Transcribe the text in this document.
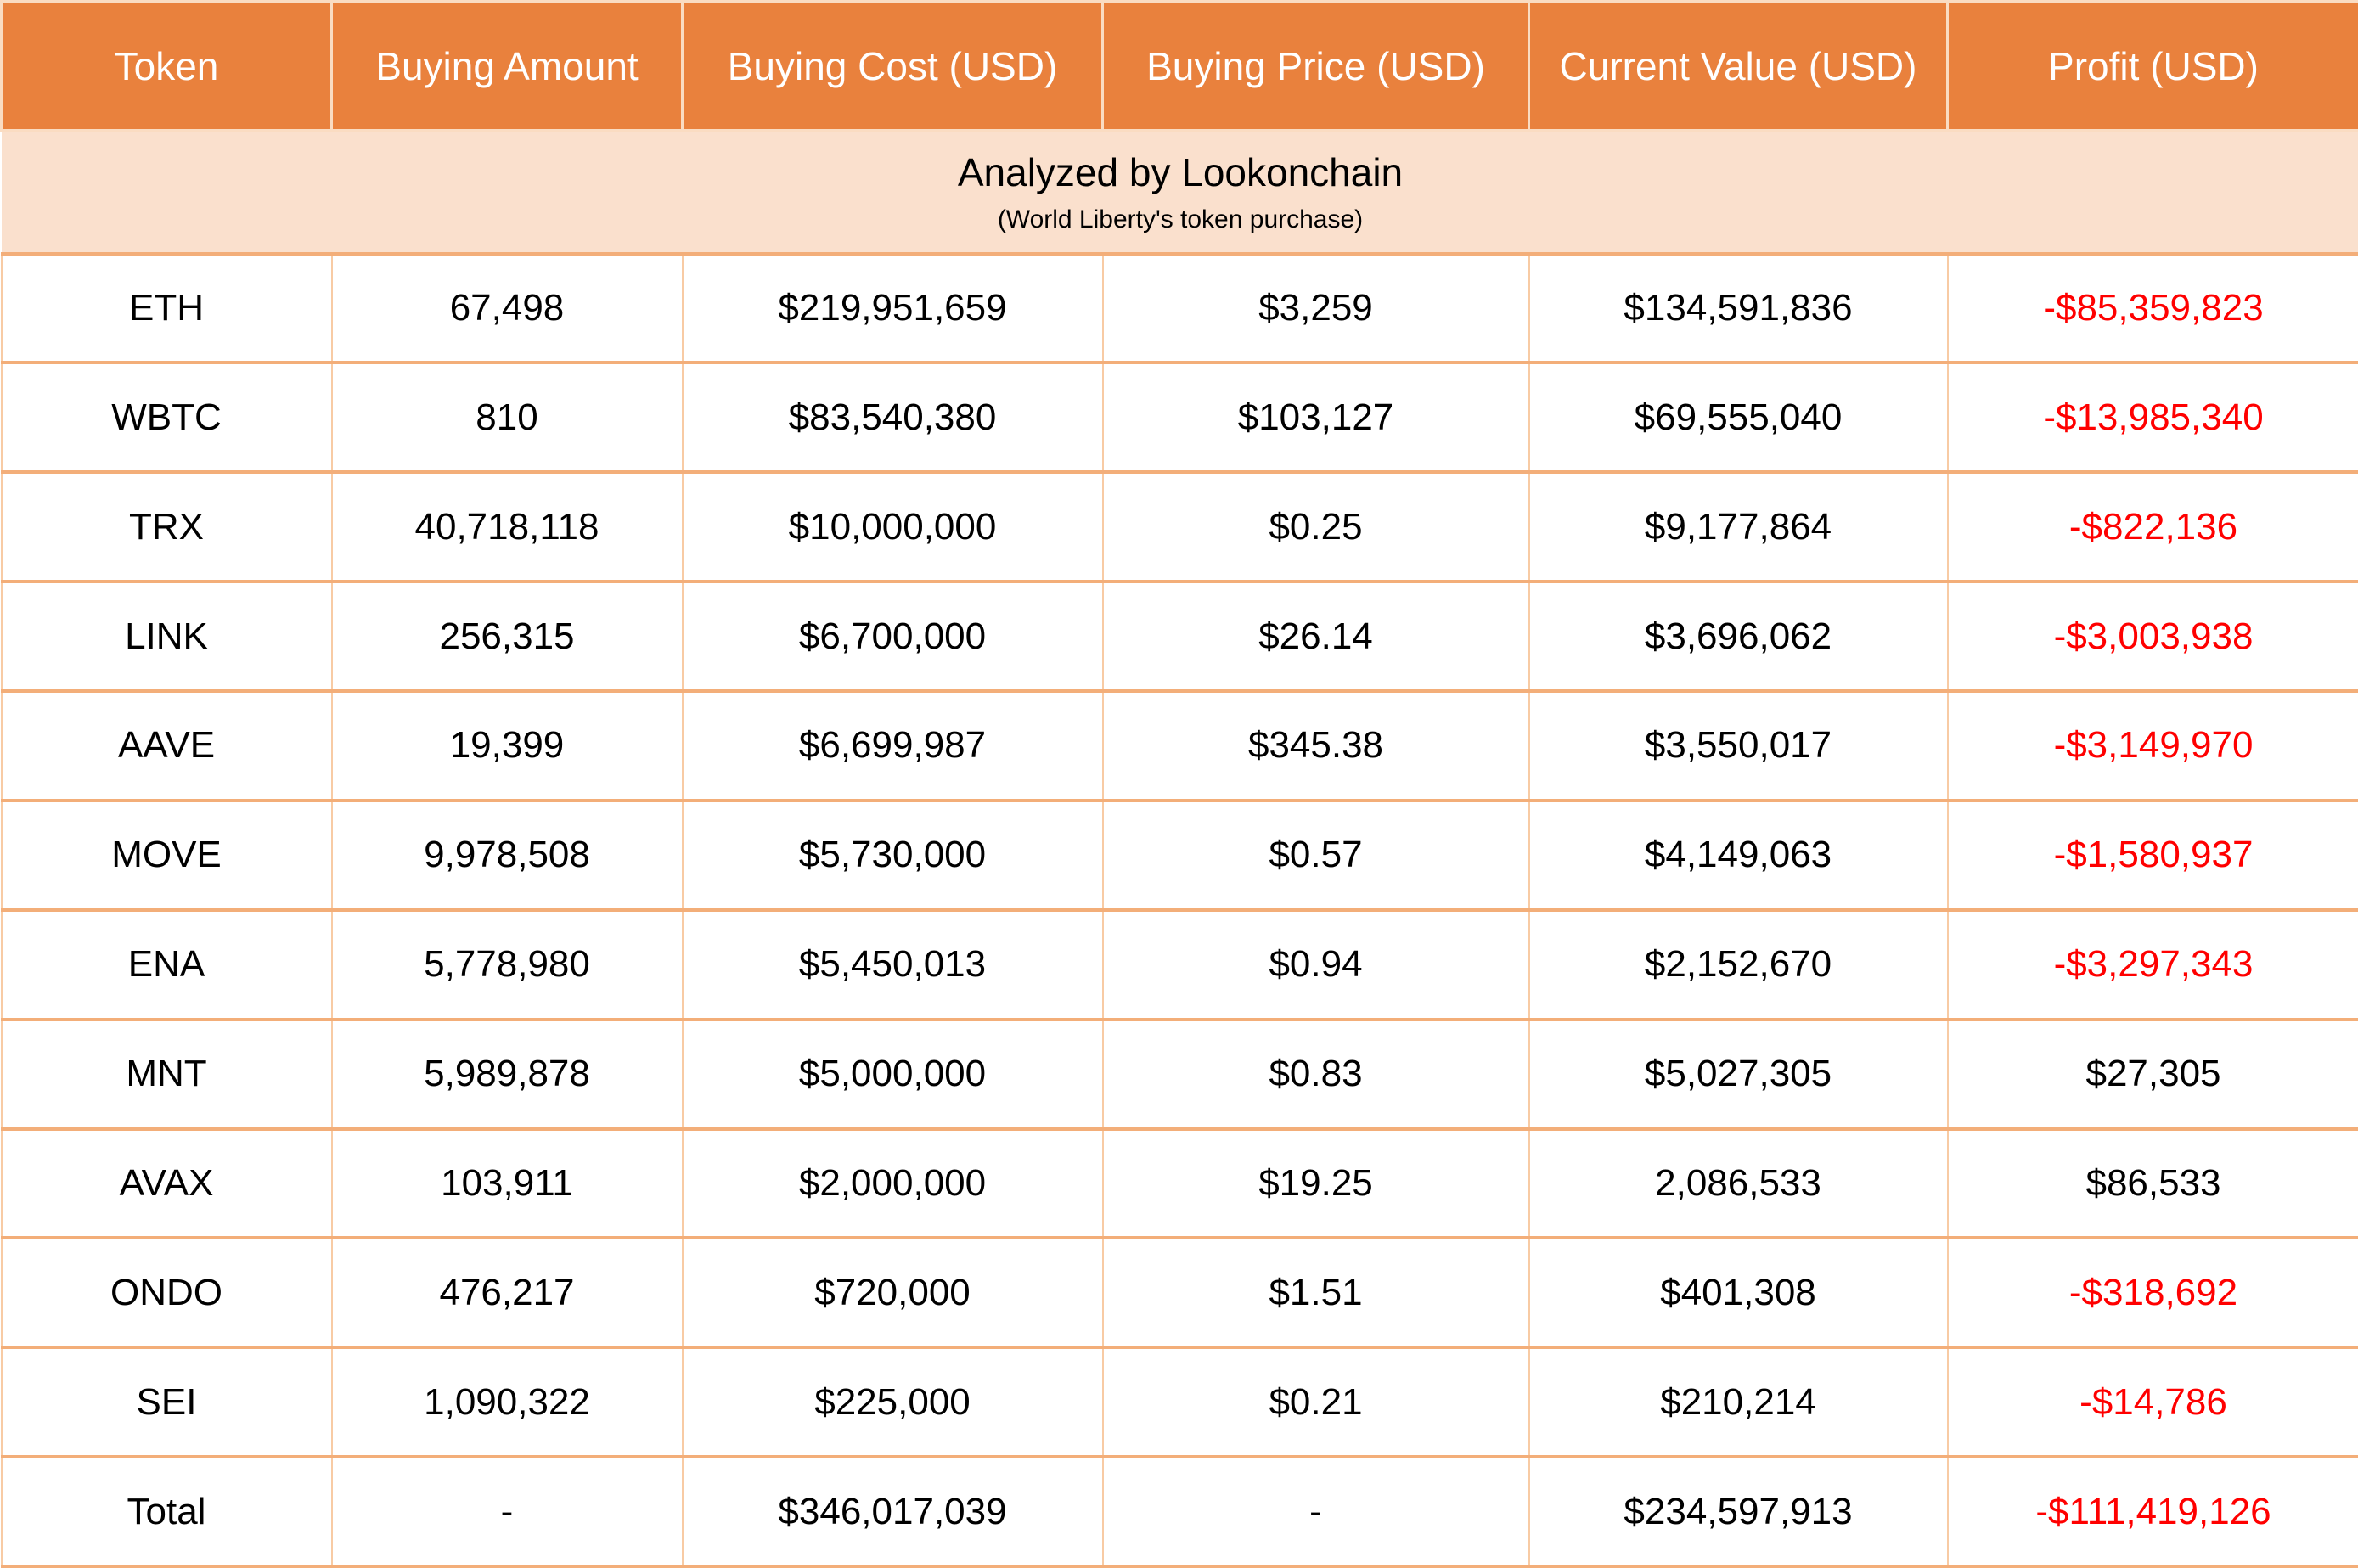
Token	Buying Amount	Buying Cost (USD)	Buying Price (USD)	Current Value (USD)	Profit (USD)

Analyzed by Lookonchain
(World Liberty's token purchase)					

ETH	67,498	$219,951,659	$3,259	$134,591,836	-$85,359,823
WBTC	810	$83,540,380	$103,127	$69,555,040	-$13,985,340
TRX	40,718,118	$10,000,000	$0.25	$9,177,864	-$822,136
LINK	256,315	$6,700,000	$26.14	$3,696,062	-$3,003,938
AAVE	19,399	$6,699,987	$345.38	$3,550,017	-$3,149,970
MOVE	9,978,508	$5,730,000	$0.57	$4,149,063	-$1,580,937
ENA	5,778,980	$5,450,013	$0.94	$2,152,670	-$3,297,343
MNT	5,989,878	$5,000,000	$0.83	$5,027,305	$27,305
AVAX	103,911	$2,000,000	$19.25	2,086,533	$86,533
ONDO	476,217	$720,000	$1.51	$401,308	-$318,692
SEI	1,090,322	$225,000	$0.21	$210,214	-$14,786
Total	-	$346,017,039	-	$234,597,913	-$111,419,126
